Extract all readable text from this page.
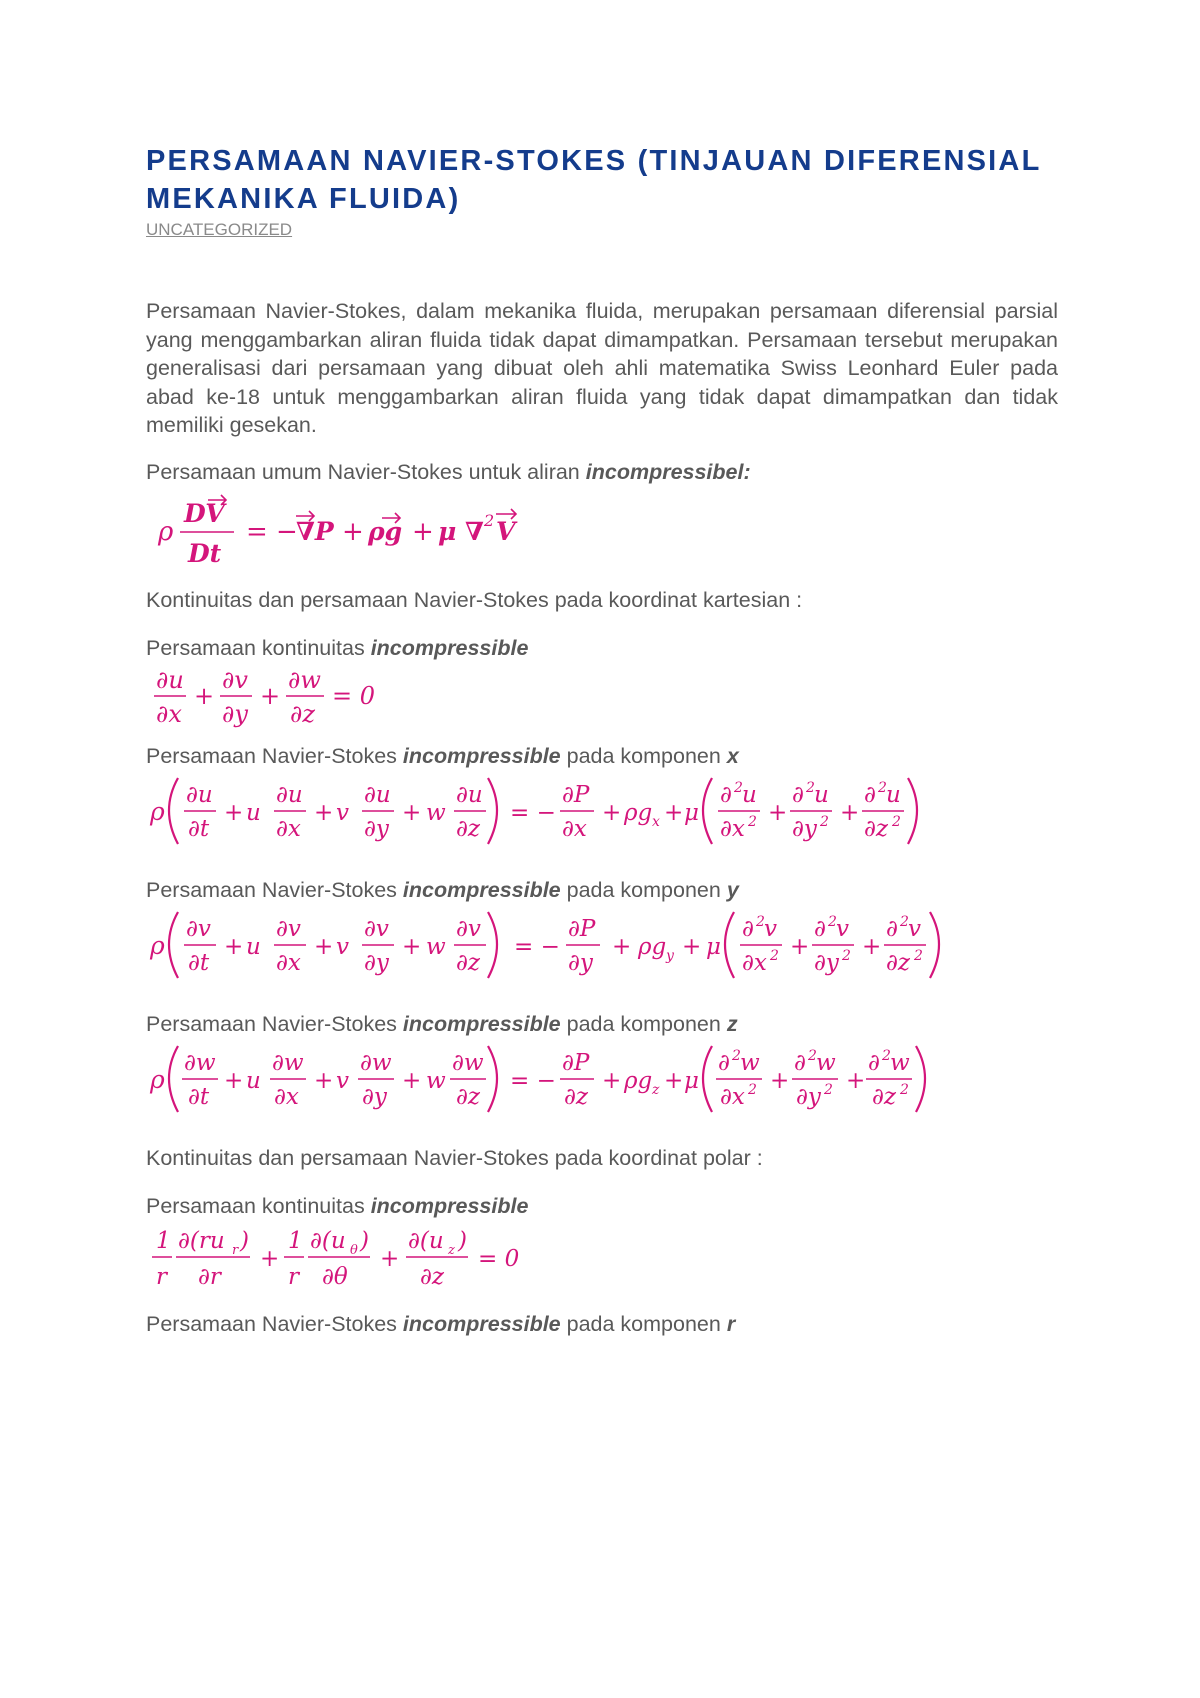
PERSAMAAN NAVIER-STOKES (TINJAUAN DIFERENSIAL MEKANIKA FLUIDA)
UNCATEGORIZED

Persamaan Navier-Stokes, dalam mekanika fluida, merupakan persamaan diferensial parsial yang menggambarkan aliran fluida tidak dapat dimampatkan. Persamaan tersebut merupakan generalisasi dari persamaan yang dibuat oleh ahli matematika Swiss Leonhard Euler pada abad ke-18 untuk menggambarkan aliran fluida yang tidak dapat dimampatkan dan tidak memiliki gesekan.

Persamaan umum Navier-Stokes untuk aliran incompressibel:

ρ
DV
Dt
= −
∇P + ρg + μ ∇ 2 V

Kontinuitas dan persamaan Navier-Stokes pada koordinat kartesian :

Persamaan kontinuitas incompressible

∂u
∂x
+
∂v
∂y
+
∂w
∂z
= 0

Persamaan Navier-Stokes incompressible pada komponen x

ρ
∂u
∂t
+ u
∂u
∂x
+ v
∂u
∂y
+ w
∂u
∂z
= −
∂P
∂x
+ ρg x + μ
∂ 2 u
∂x 2 +
∂ 2 u
∂y 2 +
∂ 2 u
∂z 2

Persamaan Navier-Stokes incompressible pada komponen y

ρ
∂v
∂t
+ u
∂v
∂x
+ v
∂v
∂y
+ w
∂v
∂z
= −
∂P
∂y
+ ρg y + μ
∂ 2 v
∂x 2 +
∂ 2 v
∂y 2 +
∂ 2 v
∂z 2

Persamaan Navier-Stokes incompressible pada komponen z

ρ
∂w
∂t
+ u
∂w
∂x
+ v
∂w
∂y
+ w
∂w
∂z
= −
∂P
∂z
+ ρg z + μ
∂ 2 w
∂x 2 +
∂ 2 w
∂y 2 +
∂ 2 w
∂z 2

Kontinuitas dan persamaan Navier-Stokes pada koordinat polar :

Persamaan kontinuitas incompressible

1
r
∂(ru r )
∂r
+
1
r
∂(u θ )
∂θ
+
∂(u z )
∂z
= 0

Persamaan Navier-Stokes incompressible pada komponen r
